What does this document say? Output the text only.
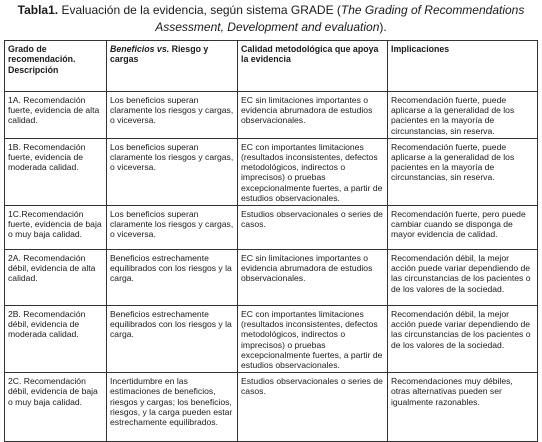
Tabla1. Evaluación de la evidencia, según sistema GRADE (The Grading of Recommendations Assessment, Development and evaluation).
Grado de recomendación. Descripción	Beneficios vs. Riesgo y cargas	Calidad metodológica que apoya la evidencia	Implicaciones
1A. Recomendación fuerte, evidencia de alta calidad.	Los beneficios superan claramente los riesgos y cargas, o viceversa.	EC sin limitaciones importantes o evidencia abrumadora de estudios observacionales.	Recomendación fuerte, puede aplicarse a la generalidad de los pacientes en la mayoría de circunstancias, sin reserva.
1B. Recomendación fuerte, evidencia de moderada calidad.	Los beneficios superan claramente los riesgos y cargas, o viceversa.	EC con importantes limitaciones (resultados inconsistentes, defectos metodológicos, indirectos o imprecisos) o pruebas excepcionalmente fuertes, a partir de estudios observacionales.	Recomendación fuerte, puede aplicarse a la generalidad de los pacientes en la mayoría de circunstancias, sin reserva.
1C.Recomendación fuerte, evidencia de baja o muy baja calidad.	Los beneficios superan claramente los riesgos y cargas, o viceversa.	Estudios observacionales o series de casos.	Recomendación fuerte, pero puede cambiar cuando se disponga de mayor evidencia de calidad.
2A. Recomendación débil, evidencia de alta calidad.	Beneficios estrechamente equilibrados con los riesgos y la carga.	EC sin limitaciones importantes o evidencia abrumadora de estudios observacionales.	Recomendación débil, la mejor acción puede variar dependiendo de las circunstancias de los pacientes o de los valores de la sociedad.
2B. Recomendación débil, evidencia de moderada calidad.	Beneficios estrechamente equilibrados con los riesgos y la carga.	EC con importantes limitaciones (resultados inconsistentes, defectos metodológicos, indirectos o imprecisos) o pruebas excepcionalmente fuertes, a partir de estudios observacionales.	Recomendación débil, la mejor acción puede variar dependiendo de las circunstancias de los pacientes o de los valores de la sociedad.
2C. Recomendación débil, evidencia de baja o muy baja calidad.	Incertidumbre en las estimaciones de beneficios, riesgos y cargas; los beneficios, riesgos, y la carga pueden estar estrechamente equilibrados.	Estudios observacionales o series de casos.	Recomendaciones muy débiles, otras alternativas pueden ser igualmente razonables.
